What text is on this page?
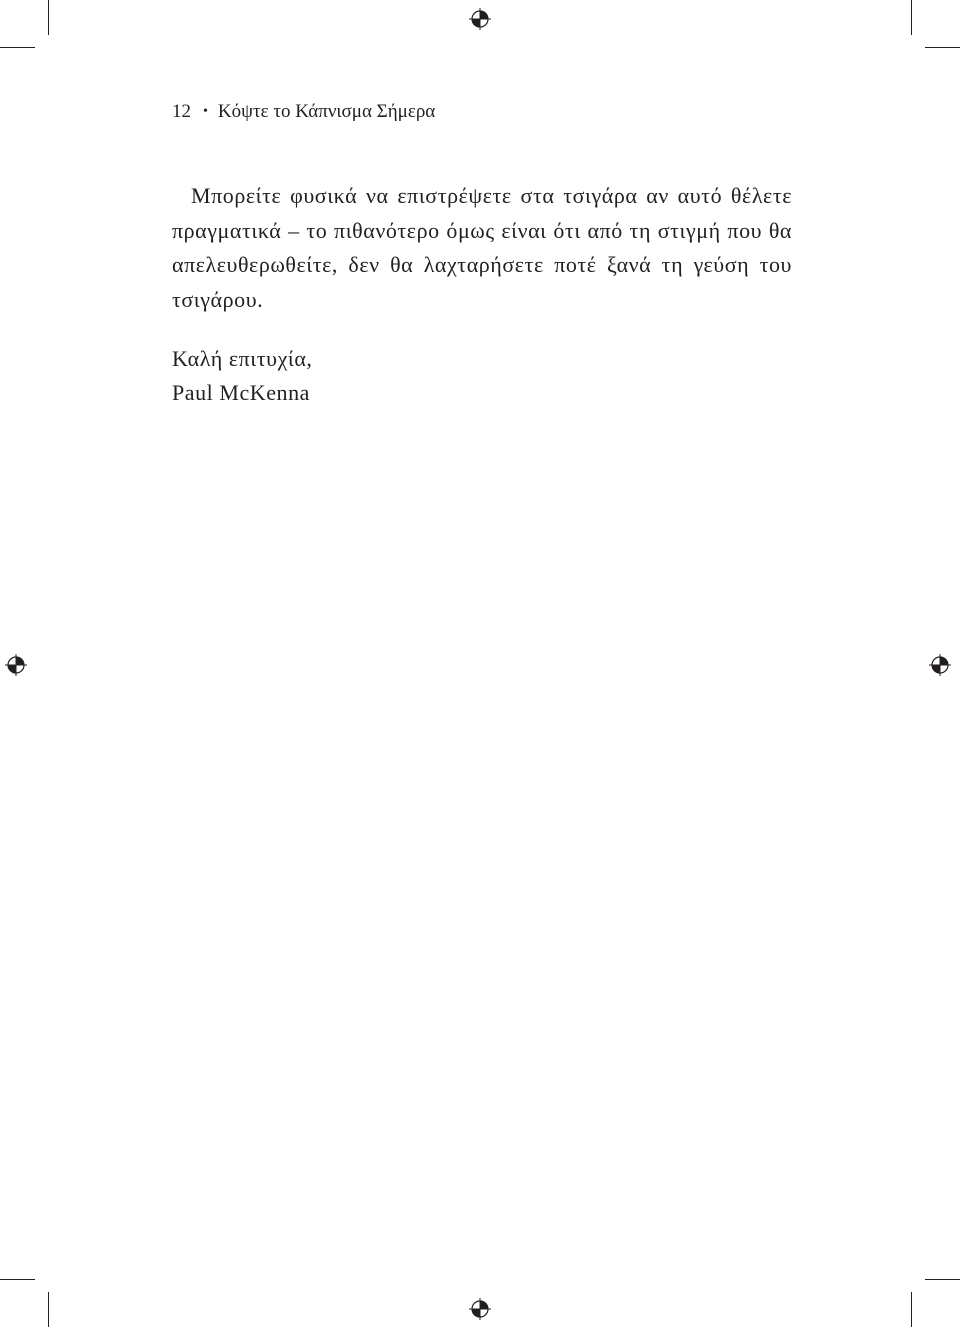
12 • Κόψτε το Κάπνισμα Σήμερα

Μπορείτε φυσικά να επιστρέψετε στα τσιγάρα αν αυτό θέλετε πραγματικά – το πιθανότερο όμως είναι ότι από τη στιγμή που θα απελευθερωθείτε, δεν θα λαχταρήσετε ποτέ ξανά τη γεύση του τσιγάρου.

Καλή επιτυχία,
Paul McKenna
